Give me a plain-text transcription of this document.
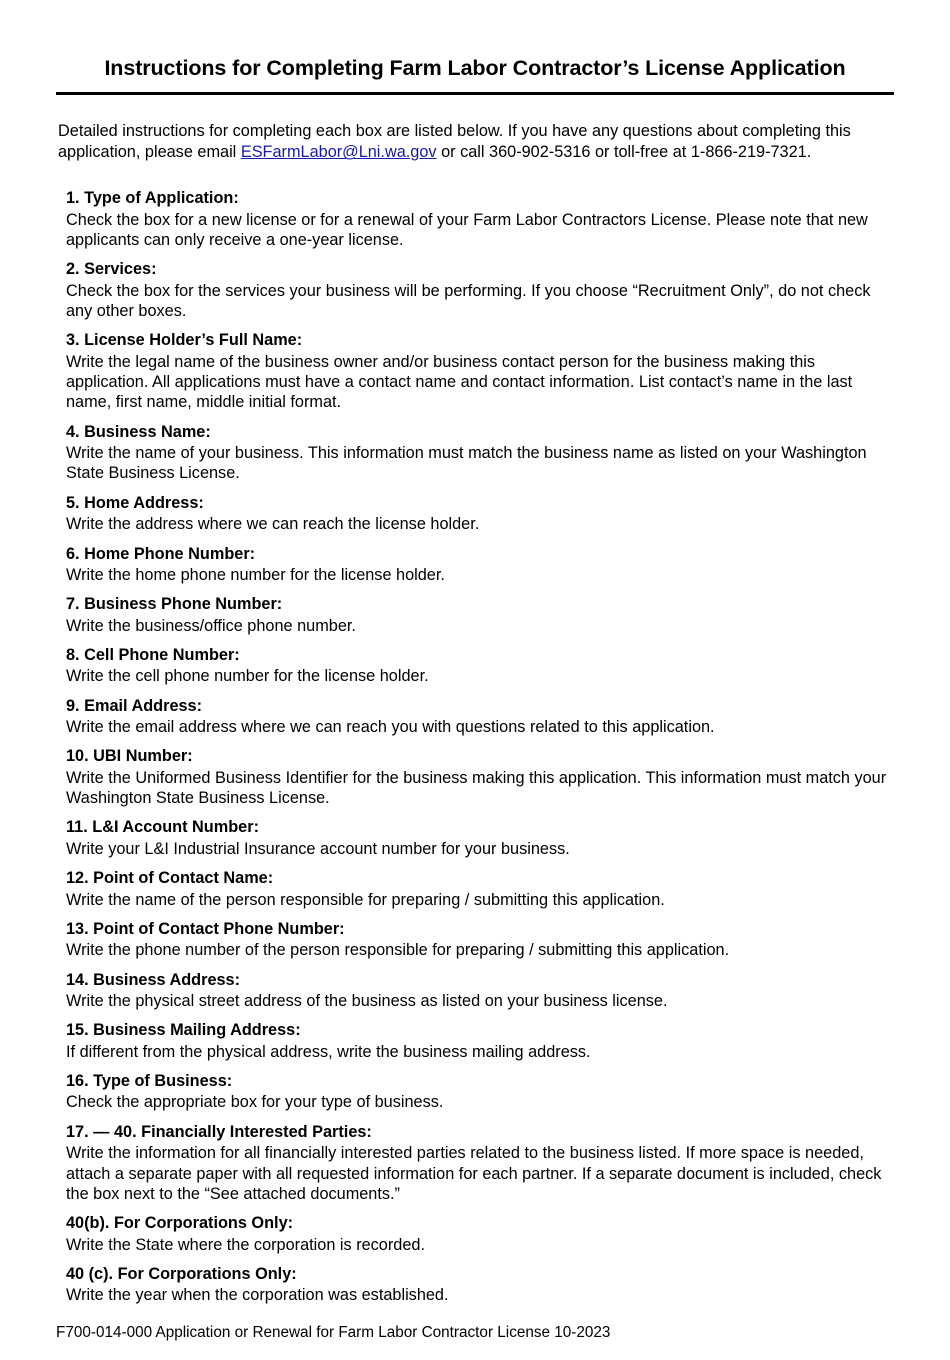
Instructions for Completing Farm Labor Contractor’s License Application
Detailed instructions for completing each box are listed below. If you have any questions about completing this application, please email ESFarmLabor@Lni.wa.gov or call 360-902-5316 or toll-free at 1-866-219-7321.
1. Type of Application:
Check the box for a new license or for a renewal of your Farm Labor Contractors License. Please note that new applicants can only receive a one-year license.
2. Services:
Check the box for the services your business will be performing. If you choose “Recruitment Only”, do not check any other boxes.
3. License Holder’s Full Name:
Write the legal name of the business owner and/or business contact person for the business making this application. All applications must have a contact name and contact information. List contact’s name in the last name, first name, middle initial format.
4. Business Name:
Write the name of your business. This information must match the business name as listed on your Washington State Business License.
5. Home Address:
Write the address where we can reach the license holder.
6. Home Phone Number:
Write the home phone number for the license holder.
7. Business Phone Number:
Write the business/office phone number.
8. Cell Phone Number:
Write the cell phone number for the license holder.
9. Email Address:
Write the email address where we can reach you with questions related to this application.
10. UBI Number:
Write the Uniformed Business Identifier for the business making this application. This information must match your Washington State Business License.
11. L&I Account Number:
Write your L&I Industrial Insurance account number for your business.
12. Point of Contact Name:
Write the name of the person responsible for preparing / submitting this application.
13. Point of Contact Phone Number:
Write the phone number of the person responsible for preparing / submitting this application.
14. Business Address:
Write the physical street address of the business as listed on your business license.
15. Business Mailing Address:
If different from the physical address, write the business mailing address.
16. Type of Business:
Check the appropriate box for your type of business.
17. — 40. Financially Interested Parties:
Write the information for all financially interested parties related to the business listed. If more space is needed, attach a separate paper with all requested information for each partner. If a separate document is included, check the box next to the “See attached documents.”
40(b). For Corporations Only:
Write the State where the corporation is recorded.
40 (c). For Corporations Only:
Write the year when the corporation was established.
F700-014-000 Application or Renewal for Farm Labor Contractor License 10-2023
